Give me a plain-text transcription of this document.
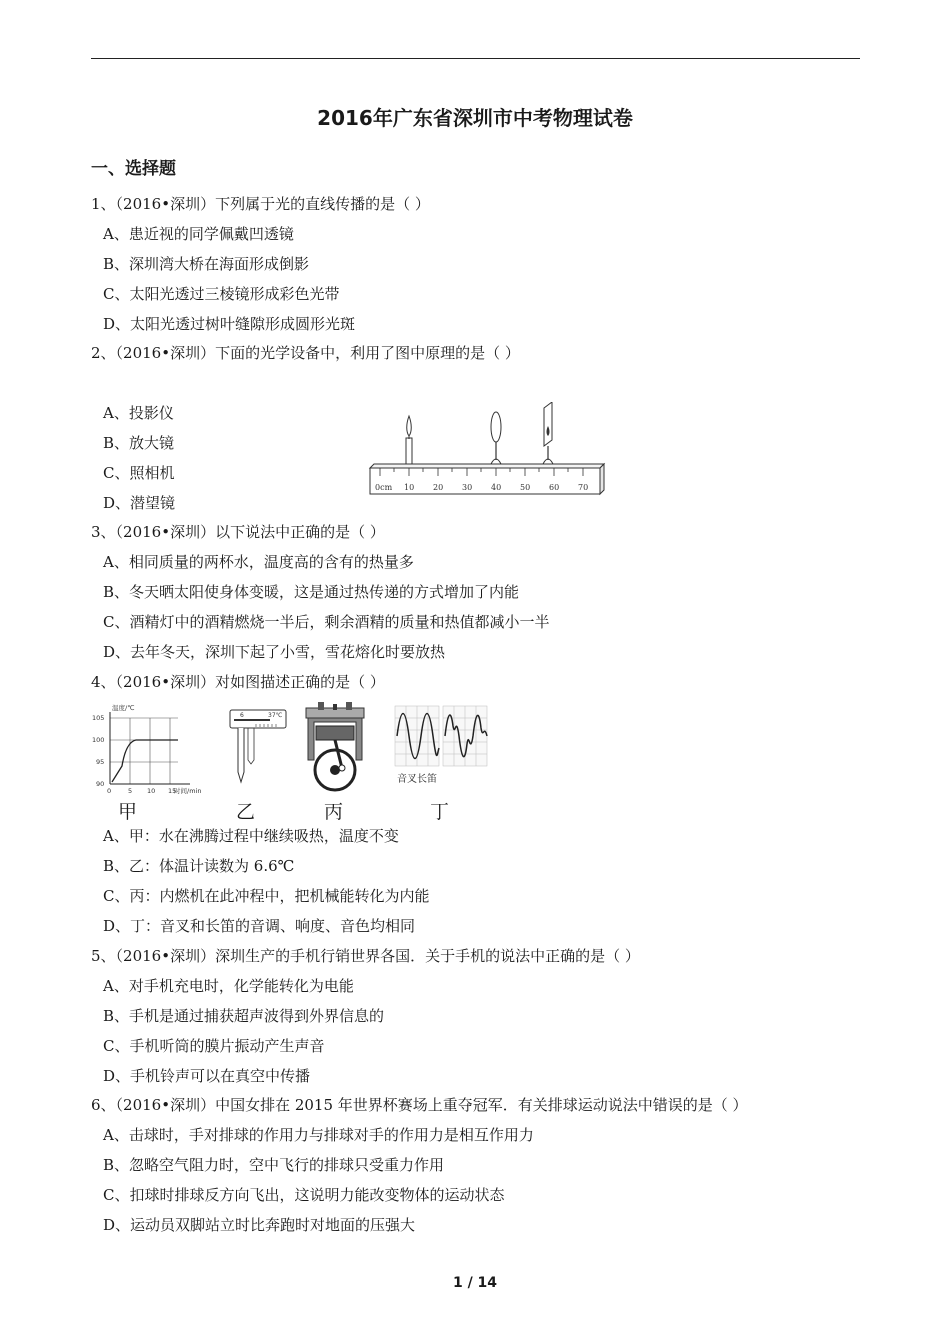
2016年广东省深圳市中考物理试卷
一、选择题
1、（2016•深圳）下列属于光的直线传播的是（ ）
A、患近视的同学佩戴凹透镜
B、深圳湾大桥在海面形成倒影
C、太阳光透过三棱镜形成彩色光带
D、太阳光透过树叶缝隙形成圆形光斑
2、（2016•深圳）下面的光学设备中，利用了图中原理的是（ ）
A、投影仪
B、放大镜
C、照相机
D、潜望镜
0cm 10 20 30 40 50 60 70
3、（2016•深圳）以下说法中正确的是（ ）
A、相同质量的两杯水，温度高的含有的热量多
B、冬天晒太阳使身体变暖，这是通过热传递的方式增加了内能
C、酒精灯中的酒精燃烧一半后，剩余酒精的质量和热值都减小一半
D、去年冬天，深圳下起了小雪，雪花熔化时要放热
4、（2016•深圳）对如图描述正确的是（ ）
温度/℃
105
100
95
90
0	5 10 15
时间/min
6	37℃
音叉长笛
甲	乙	丙	丁
A、甲：水在沸腾过程中继续吸热，温度不变
B、乙：体温计读数为 6.6℃
C、丙：内燃机在此冲程中，把机械能转化为内能
D、丁：音叉和长笛的音调、响度、音色均相同
5、（2016•深圳）深圳生产的手机行销世界各国．关于手机的说法中正确的是（ ）
A、对手机充电时，化学能转化为电能
B、手机是通过捕获超声波得到外界信息的
C、手机听筒的膜片振动产生声音
D、手机铃声可以在真空中传播
6、（2016•深圳）中国女排在 2015 年世界杯赛场上重夺冠军．有关排球运动说法中错误的是（ ）
A、击球时，手对排球的作用力与排球对手的作用力是相互作用力
B、忽略空气阻力时，空中飞行的排球只受重力作用
C、扣球时排球反方向飞出，这说明力能改变物体的运动状态
D、运动员双脚站立时比奔跑时对地面的压强大
1 / 14
